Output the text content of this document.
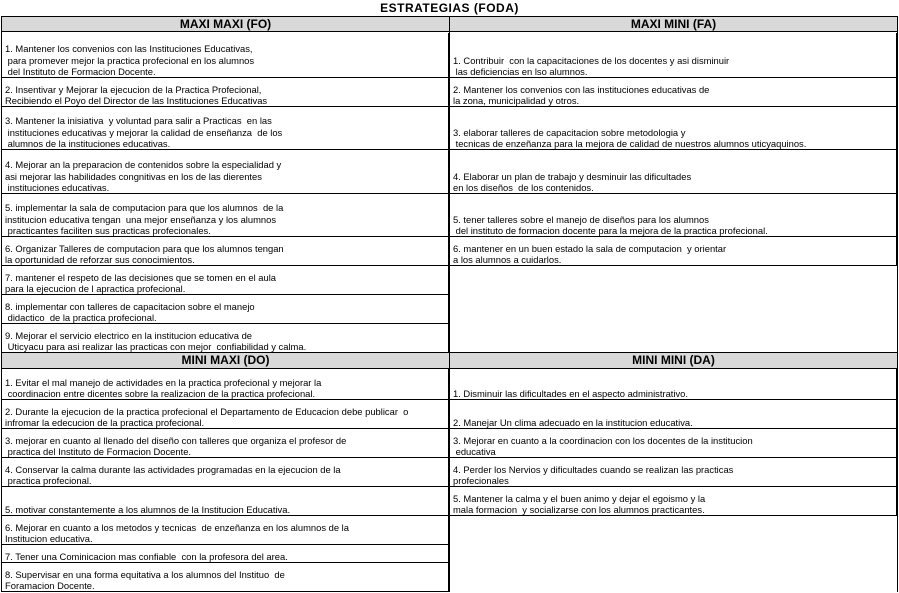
ESTRATEGIAS (FODA)
MAXI MAXI (FO)	MAXI MINI (FA)
1. Mantener los convenios con las Instituciones Educativas,
para promever mejor la practica profecional en los alumnos
del Instituto de Formacion Docente.
2. Insentivar y Mejorar la ejecucion de la Practica Profecional,
Recibiendo el Poyo del Director de las Instituciones Educativas
3. Mantener la inisiativa  y voluntad para salir a Practicas  en las
instituciones educativas y mejorar la calidad de enseñanza  de los
alumnos de la instituciones educativas.
4. Mejorar an la preparacion de contenidos sobre la especialidad y
asi mejorar las habilidades congnitivas en los de las dierentes
instituciones educativas.
5. implementar la sala de computacion para que los alumnos  de la
institucion educativa tengan  una mejor enseñanza y los alumnos
practicantes faciliten sus practicas profecionales.
6. Organizar Talleres de computacion para que los alumnos tengan
la oportunidad de reforzar sus conocimientos.
7. mantener el respeto de las decisiones que se tomen en el aula
para la ejecucion de l apractica profecional.
8. implementar con talleres de capacitacion sobre el manejo
didactico  de la practica profecional.
9. Mejorar el servicio electrico en la institucion educativa de
Uticyacu para asi realizar las practicas con mejor  confiabilidad y calma.
1. Contribuir  con la capacitaciones de los docentes y asi disminuir
las deficiencias en lso alumnos.
2. Mantener los convenios con las instituciones educativas de
la zona, municipalidad y otros.
3. elaborar talleres de capacitacion sobre metodologia y
tecnicas de enzeñanza para la mejora de calidad de nuestros alumnos uticyaquinos.
4. Elaborar un plan de trabajo y desminuir las dificultades
en los diseños  de los contenidos.
5. tener talleres sobre el manejo de diseños para los alumnos
del instituto de formacion docente para la mejora de la practica profecional.
6. mantener en un buen estado la sala de computacion  y orientar
a los alumnos a cuidarlos.
MINI MAXI (DO)	MINI MINI (DA)
1. Evitar el mal manejo de actividades en la practica profecional y mejorar la
coordinacion entre dicentes sobre la realizacion de la practica profecional.
2. Durante la ejecucion de la practica profecional el Departamento de Educacion debe publicar  o
infromar la edecucion de la practica profecional.
3. mejorar en cuanto al llenado del diseño con talleres que organiza el profesor de
practica del Instituto de Formacion Docente.
4. Conservar la calma durante las actividades programadas en la ejecucion de la
practica profecional.
5. motivar constantemente a los alumnos de la Institucion Educativa.
6. Mejorar en cuanto a los metodos y tecnicas  de enzeñanza en los alumnos de la
Institucion educativa.
7. Tener una Cominicacion mas confiable  con la profesora del area.
8. Supervisar en una forma equitativa a los alumnos del Instituo  de
Foramacion Docente.
1. Disminuir las dificultades en el aspecto administrativo.
2. Manejar Un clima adecuado en la institucion educativa.
3. Mejorar en cuanto a la coordinacion con los docentes de la institucion
educativa
4. Perder los Nervios y dificultades cuando se realizan las practicas
profecionales
5. Mantener la calma y el buen animo y dejar el egoismo y la
mala formacion  y socializarse con los alumnos practicantes.
